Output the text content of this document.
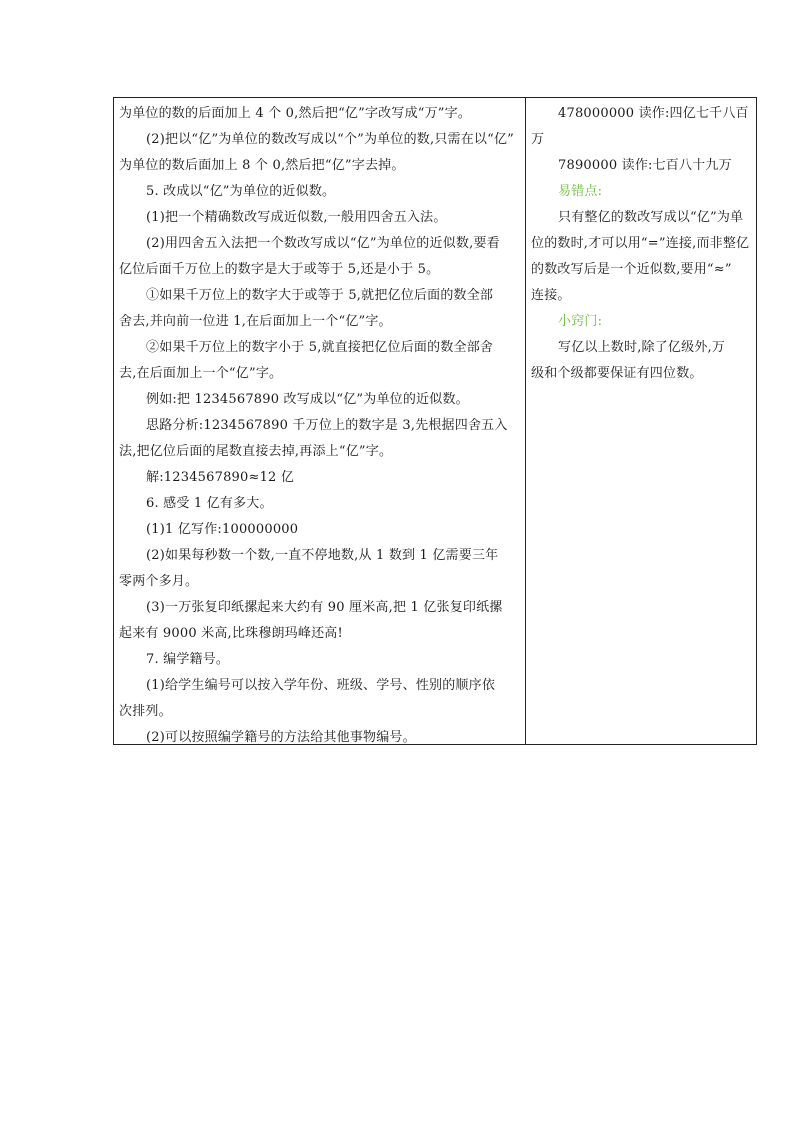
为单位的数的后面加上 4 个 0,然后把“亿”字改写成“万”字。
(2)把以“亿”为单位的数改写成以“个”为单位的数,只需在以“亿”
为单位的数后面加上 8 个 0,然后把“亿”字去掉。
5. 改成以“亿”为单位的近似数。
(1)把一个精确数改写成近似数,一般用四舍五入法。
(2)用四舍五入法把一个数改写成以“亿”为单位的近似数,要看
亿位后面千万位上的数字是大于或等于 5,还是小于 5。
①如果千万位上的数字大于或等于 5,就把亿位后面的数全部
舍去,并向前一位进 1,在后面加上一个“亿”字。
②如果千万位上的数字小于 5,就直接把亿位后面的数全部舍
去,在后面加上一个“亿”字。
例如:把 1234567890 改写成以“亿”为单位的近似数。
思路分析:1234567890 千万位上的数字是 3,先根据四舍五入
法,把亿位后面的尾数直接去掉,再添上“亿”字。
解:1234567890≈12 亿
6. 感受 1 亿有多大。
(1)1 亿写作:100000000
(2)如果每秒数一个数,一直不停地数,从 1 数到 1 亿需要三年
零两个多月。
(3)一万张复印纸摞起来大约有 90 厘米高,把 1 亿张复印纸摞
起来有 9000 米高,比珠穆朗玛峰还高!
7. 编学籍号。
(1)给学生编号可以按入学年份、班级、学号、性别的顺序依
次排列。
(2)可以按照编学籍号的方法给其他事物编号。
478000000 读作:四亿七千八百
万
7890000 读作:七百八十九万
易错点:
只有整亿的数改写成以“亿”为单
位的数时,才可以用“=”连接,而非整亿
的数改写后是一个近似数,要用“≈”
连接。
小窍门:
写亿以上数时,除了亿级外,万
级和个级都要保证有四位数。
